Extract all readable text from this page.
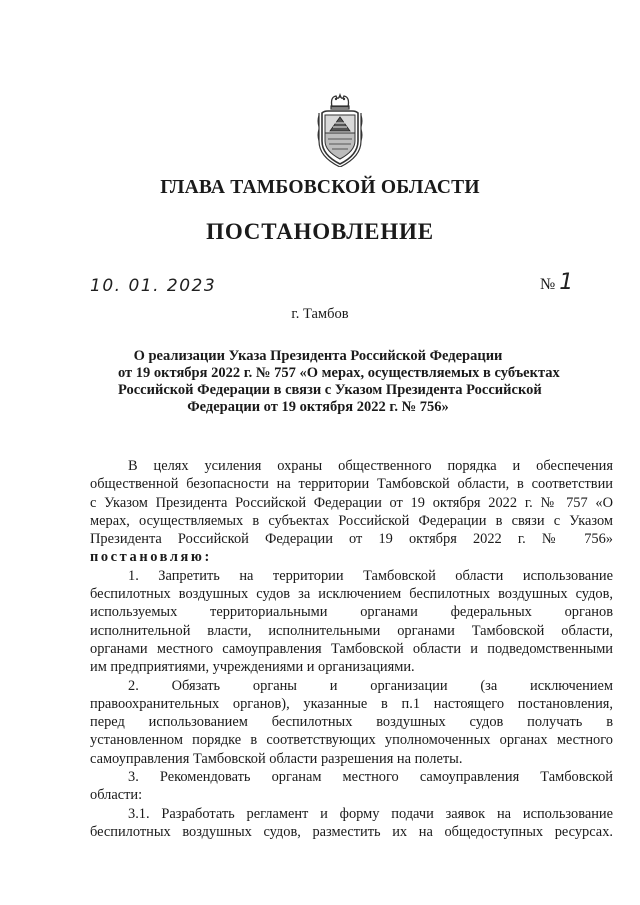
ГЛАВА ТАМБОВСКОЙ ОБЛАСТИ
ПОСТАНОВЛЕНИЕ
10. 01. 2023	№ 1
г. Тамбов
О реализации Указа Президента Российской Федерации
от 19 октября 2022 г. № 757 «О мерах, осуществляемых в субъектах
Российской Федерации в связи с Указом Президента Российской
Федерации от 19 октября 2022 г. № 756»
В целях усиления охраны общественного порядка и обеспечения
общественной безопасности на территории Тамбовской области, в соответствии
с Указом Президента Российской Федерации от 19 октября 2022 г. № 757 «О
мерах, осуществляемых в субъектах Российской Федерации в связи с Указом
Президента Российской Федерации от 19 октября 2022 г. № 756»
постановляю:
1. Запретить на территории Тамбовской области использование
беспилотных воздушных судов за исключением беспилотных воздушных судов,
используемых территориальными органами федеральных органов
исполнительной власти, исполнительными органами Тамбовской области,
органами местного самоуправления Тамбовской области и подведомственными
им предприятиями, учреждениями и организациями.
2. Обязать органы и организации (за исключением
правоохранительных органов), указанные в п.1 настоящего постановления,
перед использованием беспилотных воздушных судов получать в
установленном порядке в соответствующих уполномоченных органах местного
самоуправления Тамбовской области разрешения на полеты.
3. Рекомендовать органам местного самоуправления Тамбовской
области:
3.1. Разработать регламент и форму подачи заявок на использование
беспилотных воздушных судов, разместить их на общедоступных ресурсах.
